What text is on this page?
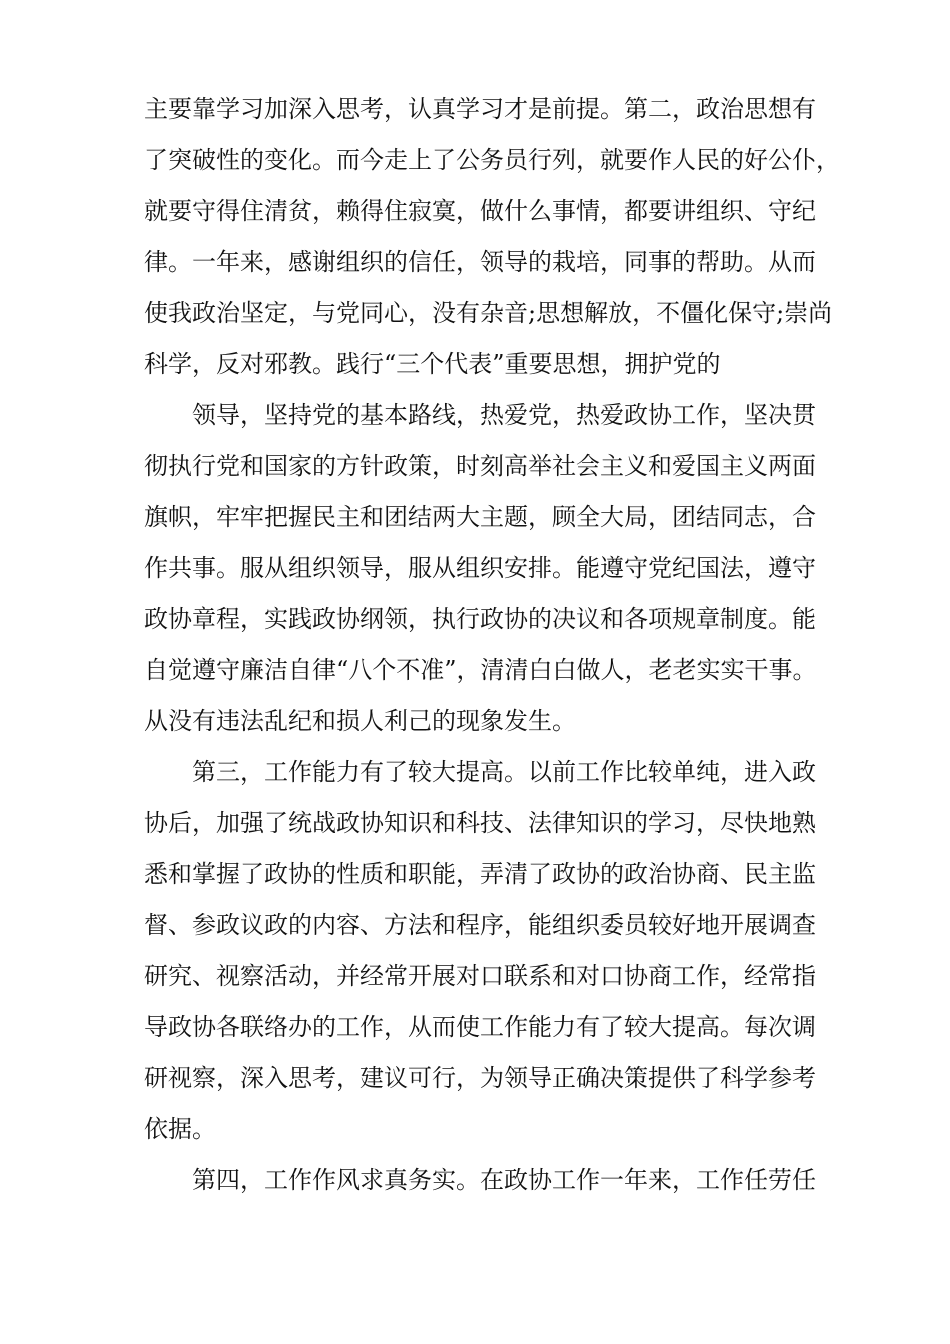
主要靠学习加深入思考，认真学习才是前提。第二，政治思想有
了突破性的变化。而今走上了公务员行列，就要作人民的好公仆，
就要守得住清贫，赖得住寂寞，做什么事情，都要讲组织、守纪
律。一年来，感谢组织的信任，领导的栽培，同事的帮助。从而
使我政治坚定，与党同心，没有杂音;思想解放，不僵化保守;崇尚
科学，反对邪教。践行“三个代表”重要思想，拥护党的
领导，坚持党的基本路线，热爱党，热爱政协工作，坚决贯
彻执行党和国家的方针政策，时刻高举社会主义和爱国主义两面
旗帜，牢牢把握民主和团结两大主题，顾全大局，团结同志，合
作共事。服从组织领导，服从组织安排。能遵守党纪国法，遵守
政协章程，实践政协纲领，执行政协的决议和各项规章制度。能
自觉遵守廉洁自律“八个不准”，清清白白做人，老老实实干事。
从没有违法乱纪和损人利己的现象发生。
第三，工作能力有了较大提高。以前工作比较单纯，进入政
协后，加强了统战政协知识和科技、法律知识的学习，尽快地熟
悉和掌握了政协的性质和职能，弄清了政协的政治协商、民主监
督、参政议政的内容、方法和程序，能组织委员较好地开展调查
研究、视察活动，并经常开展对口联系和对口协商工作，经常指
导政协各联络办的工作，从而使工作能力有了较大提高。每次调
研视察，深入思考，建议可行，为领导正确决策提供了科学参考
依据。
第四，工作作风求真务实。在政协工作一年来，工作任劳任
